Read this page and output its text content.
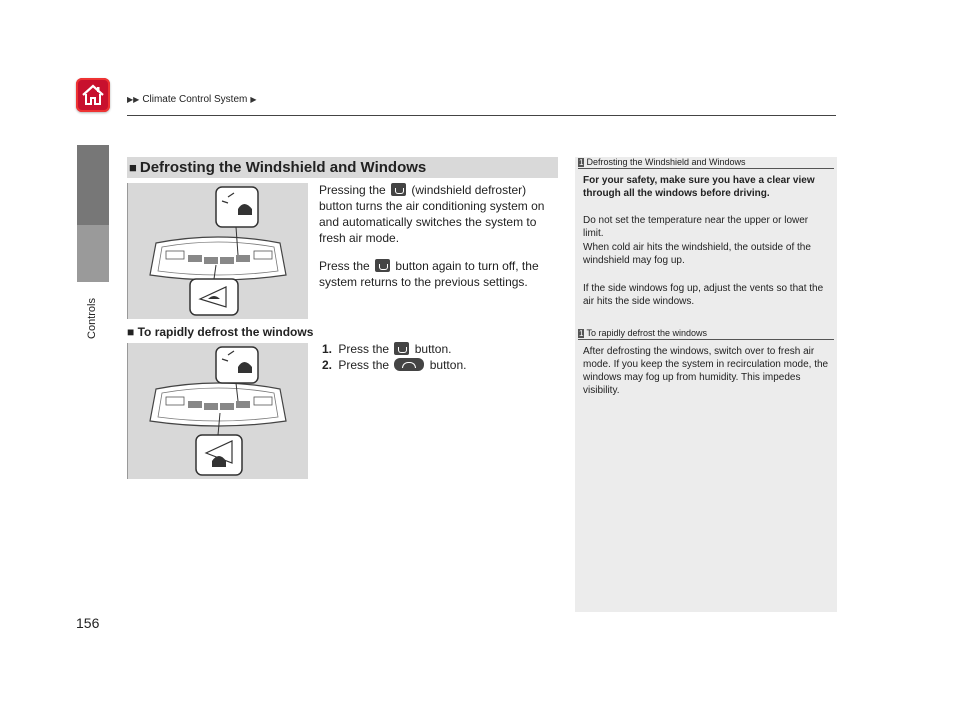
▶▶ Climate Control System ▶
Controls
156
■ Defrosting the Windshield and Windows
Pressing the (windshield defroster) button turns the air conditioning system on and automatically switches the system to fresh air mode.
Press the button again to turn off, the system returns to the previous settings.
■ To rapidly defrost the windows
1. Press the button.
2. Press the	button.
1 Defrosting the Windshield and Windows
For your safety, make sure you have a clear view through all the windows before driving.
Do not set the temperature near the upper or lower limit.
When cold air hits the windshield, the outside of the windshield may fog up.
If the side windows fog up, adjust the vents so that the air hits the side windows.
1 To rapidly defrost the windows
After defrosting the windows, switch over to fresh air mode. If you keep the system in recirculation mode, the windows may fog up from humidity. This impedes visibility.
